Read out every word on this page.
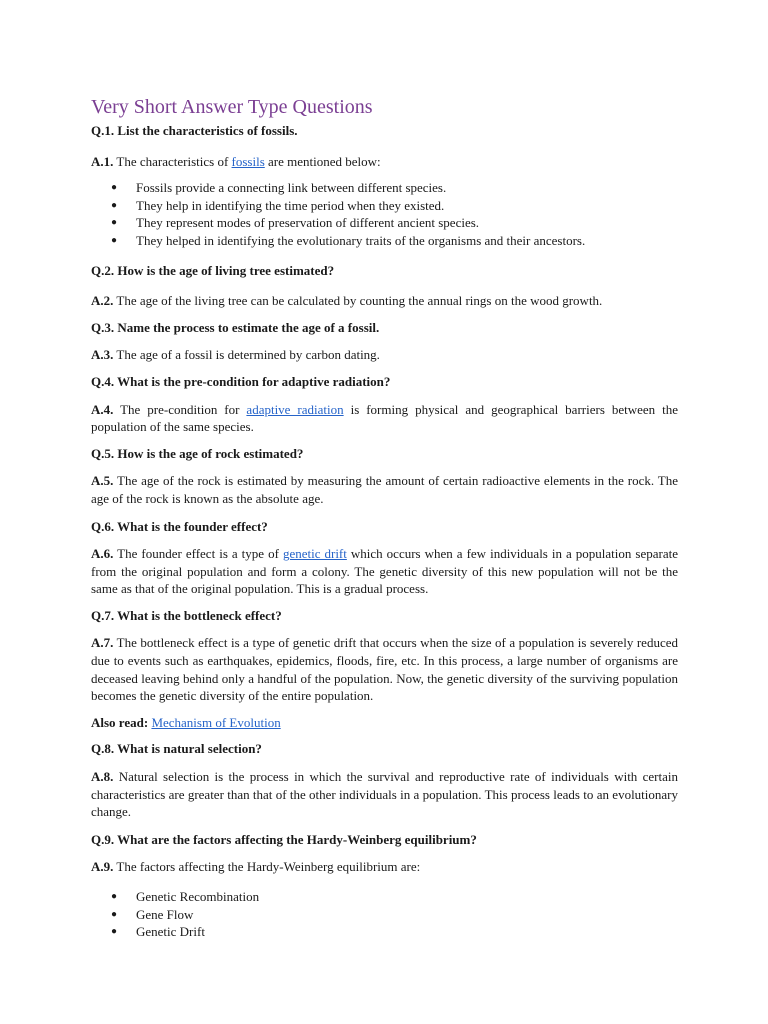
Very Short Answer Type Questions

Q.1. List the characteristics of fossils.

A.1. The characteristics of fossils are mentioned below:

● Fossils provide a connecting link between different species.
● They help in identifying the time period when they existed.
● They represent modes of preservation of different ancient species.
● They helped in identifying the evolutionary traits of the organisms and their ancestors.

Q.2. How is the age of living tree estimated?

A.2. The age of the living tree can be calculated by counting the annual rings on the wood growth.

Q.3. Name the process to estimate the age of a fossil.

A.3. The age of a fossil is determined by carbon dating.

Q.4. What is the pre-condition for adaptive radiation?

A.4. The pre-condition for adaptive radiation is forming physical and geographical barriers between the population of the same species.

Q.5. How is the age of rock estimated?

A.5. The age of the rock is estimated by measuring the amount of certain radioactive elements in the rock. The age of the rock is known as the absolute age.

Q.6. What is the founder effect?

A.6. The founder effect is a type of genetic drift which occurs when a few individuals in a population separate from the original population and form a colony. The genetic diversity of this new population will not be the same as that of the original population. This is a gradual process.

Q.7. What is the bottleneck effect?

A.7. The bottleneck effect is a type of genetic drift that occurs when the size of a population is severely reduced due to events such as earthquakes, epidemics, floods, fire, etc. In this process, a large number of organisms are deceased leaving behind only a handful of the population. Now, the genetic diversity of the surviving population becomes the genetic diversity of the entire population.

Also read: Mechanism of Evolution

Q.8. What is natural selection?

A.8. Natural selection is the process in which the survival and reproductive rate of individuals with certain characteristics are greater than that of the other individuals in a population. This process leads to an evolutionary change.

Q.9. What are the factors affecting the Hardy-Weinberg equilibrium?

A.9. The factors affecting the Hardy-Weinberg equilibrium are:

● Genetic Recombination
● Gene Flow
● Genetic Drift
